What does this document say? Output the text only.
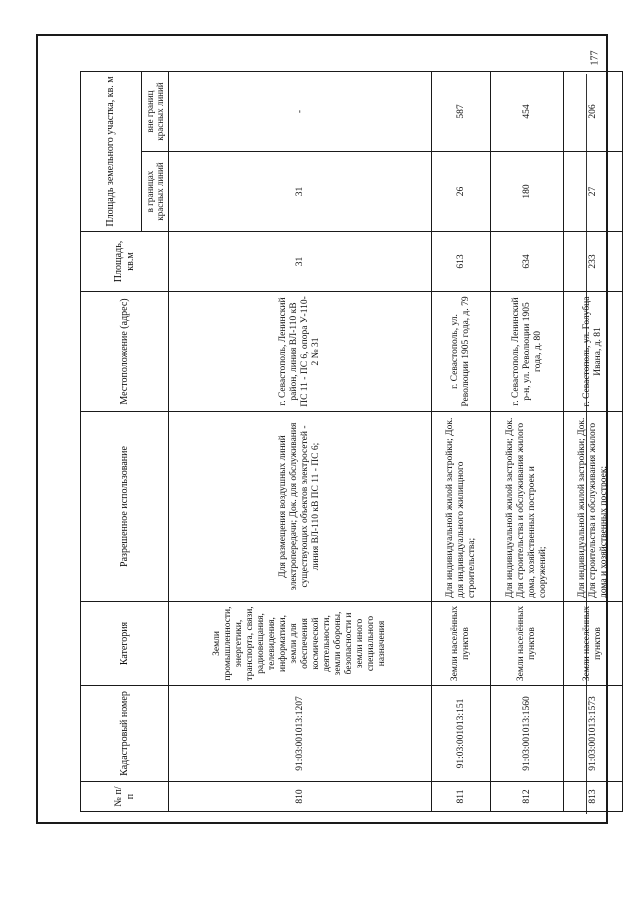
177
№ п/п	Кадастровый номер	Категория	Разрешенное использование	Местоположение (адрес)	Площадь, кв.м	Площадь земельного участка, кв. м	
						в границах красных линий	вне границ красных линий
810	91:03:001013:1207	Земли промышленности, энергетики, транспорта, связи, радиовещания, телевидения, информатики, земли для обеспечения космической деятельности, земли обороны, безопасности и земли иного специального назначения	Для размещения воздушных линий электропередачи; Док. для обслуживания существующих объектов электросетей - линия ВЛ-110 кВ ПС 11 - ПС 6;	г. Севастополь, Ленинский район, линия ВЛ-110 кВ ПС 11 - ПС 6, опора У-110-2 № 31	31	31	-
811	91:03:001013:151	Земли населённых пунктов	Для индивидуальной жилой застройки; Док. для индивидуального жилищного строительства;	г. Севастополь, ул. Революции 1905 года, д. 79	613	26	587
812	91:03:001013:1560	Земли населённых пунктов	Для индивидуальной жилой застройки; Док. Для строительства и обслуживания жилого дома, хозяйственных построек и сооружений;	г. Севастополь, Ленинский р-н, ул. Революции 1905 года, д. 80	634	180	454
813	91:03:001013:1573	Земли населённых пунктов	Для индивидуальной жилой застройки; Док. Для строительства и обслуживания жилого дома и хозяйственных построек;	г. Севастополь, ул. Голубца Ивана, д. 81	233	27	206
